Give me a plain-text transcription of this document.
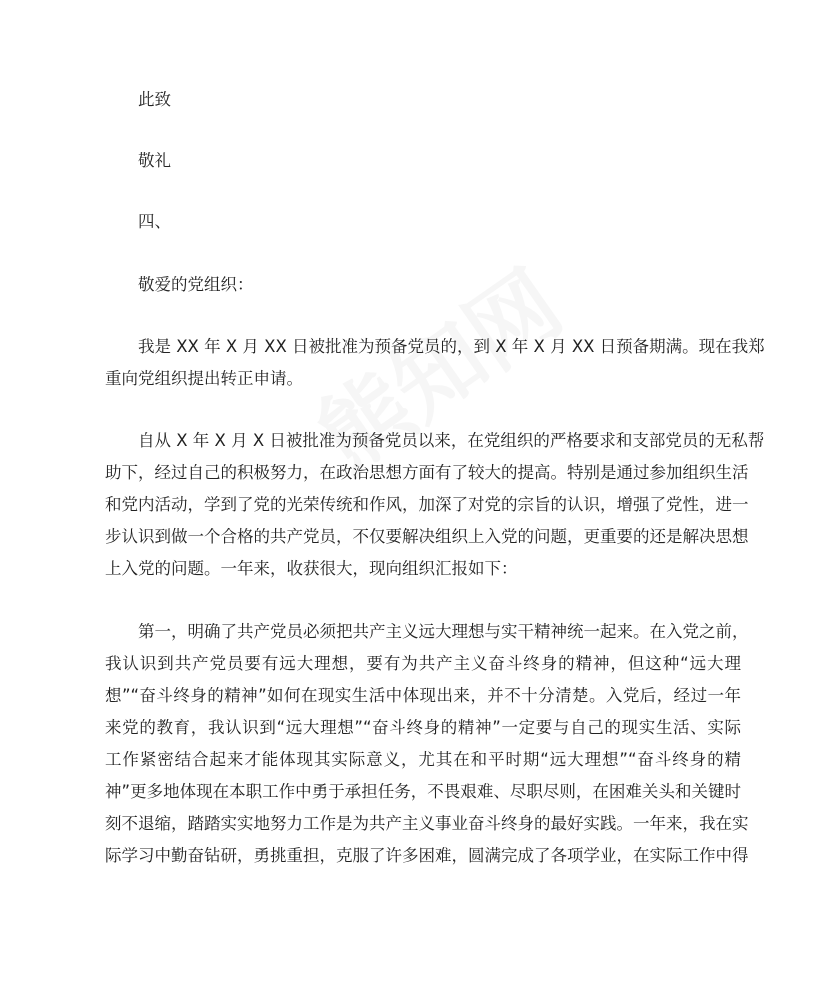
此致
敬礼
四、
敬爱的党组织：
我是 XX 年 X 月 XX 日被批准为预备党员的，到 X 年 X 月 XX 日预备期满。现在我郑
重向党组织提出转正申请。
自从 X 年 X 月 X 日被批准为预备党员以来，在党组织的严格要求和支部党员的无私帮
助下，经过自己的积极努力，在政治思想方面有了较大的提高。特别是通过参加组织生活
和党内活动，学到了党的光荣传统和作风，加深了对党的宗旨的认识，增强了党性，进一
步认识到做一个合格的共产党员，不仅要解决组织上入党的问题，更重要的还是解决思想
上入党的问题。一年来，收获很大，现向组织汇报如下：
第一，明确了共产党员必须把共产主义远大理想与实干精神统一起来。在入党之前，
我认识到共产党员要有远大理想，要有为共产主义奋斗终身的精神，但这种“远大理
想”“奋斗终身的精神”如何在现实生活中体现出来，并不十分清楚。入党后，经过一年
来党的教育，我认识到“远大理想”“奋斗终身的精神”一定要与自己的现实生活、实际
工作紧密结合起来才能体现其实际意义，尤其在和平时期“远大理想”“奋斗终身的精
神”更多地体现在本职工作中勇于承担任务，不畏艰难、尽职尽则，在困难关头和关键时
刻不退缩，踏踏实实地努力工作是为共产主义事业奋斗终身的最好实践。一年来，我在实
际学习中勤奋钻研，勇挑重担，克服了许多困难，圆满完成了各项学业，在实际工作中得
